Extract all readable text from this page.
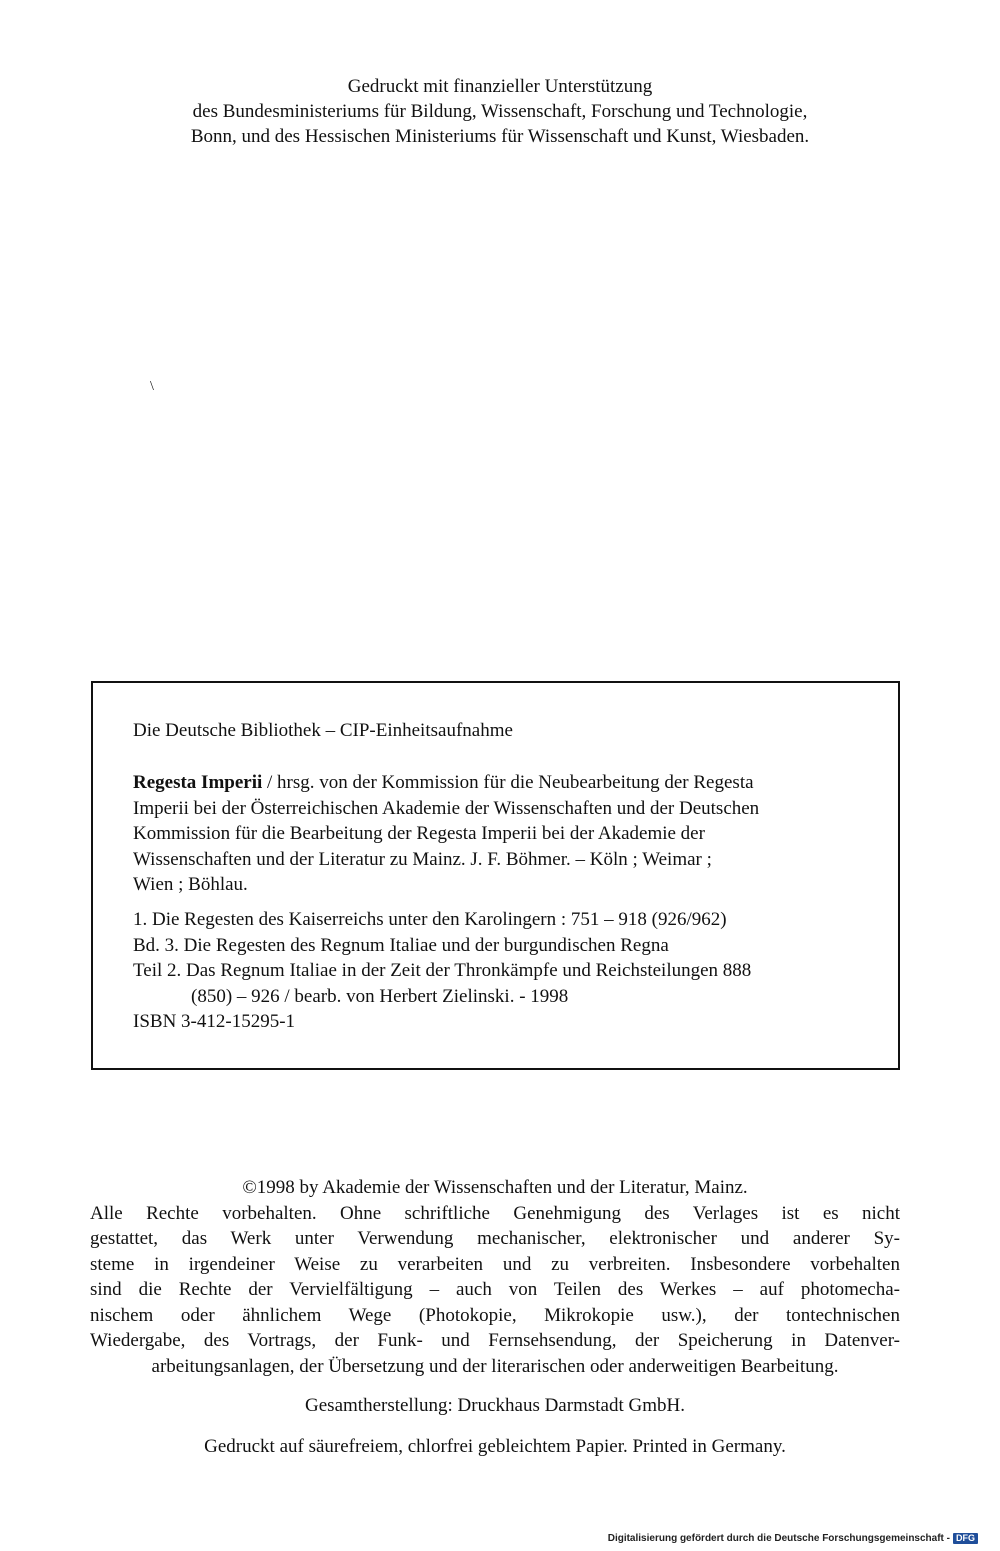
Gedruckt mit finanzieller Unterstützung
des Bundesministeriums für Bildung, Wissenschaft, Forschung und Technologie,
Bonn, und des Hessischen Ministeriums für Wissenschaft und Kunst, Wiesbaden.
\
Die Deutsche Bibliothek – CIP-Einheitsaufnahme
Regesta Imperii / hrsg. von der Kommission für die Neubearbeitung der Regesta
Imperii bei der Österreichischen Akademie der Wissenschaften und der Deutschen
Kommission für die Bearbeitung der Regesta Imperii bei der Akademie der
Wissenschaften und der Literatur zu Mainz. J. F. Böhmer. – Köln ; Weimar ;
Wien ; Böhlau.
1. Die Regesten des Kaiserreichs unter den Karolingern : 751 – 918 (926/962)
Bd. 3. Die Regesten des Regnum Italiae und der burgundischen Regna
Teil 2. Das Regnum Italiae in der Zeit der Thronkämpfe und Reichsteilungen 888
(850) – 926 / bearb. von Herbert Zielinski. - 1998
ISBN 3-412-15295-1
©1998 by Akademie der Wissenschaften und der Literatur, Mainz.
Alle Rechte vorbehalten. Ohne schriftliche Genehmigung des Verlages ist es nicht
gestattet, das Werk unter Verwendung mechanischer, elektronischer und anderer Sy-
steme in irgendeiner Weise zu verarbeiten und zu verbreiten. Insbesondere vorbehalten
sind die Rechte der Vervielfältigung – auch von Teilen des Werkes – auf photomecha-
nischem oder ähnlichem Wege (Photokopie, Mikrokopie usw.), der tontechnischen
Wiedergabe, des Vortrags, der Funk- und Fernsehsendung, der Speicherung in Datenver-
arbeitungsanlagen, der Übersetzung und der literarischen oder anderweitigen Bearbeitung.
Gesamtherstellung: Druckhaus Darmstadt GmbH.
Gedruckt auf säurefreiem, chlorfrei gebleichtem Papier. Printed in Germany.
Digitalisierung gefördert durch die Deutsche Forschungsgemeinschaft - DFG
